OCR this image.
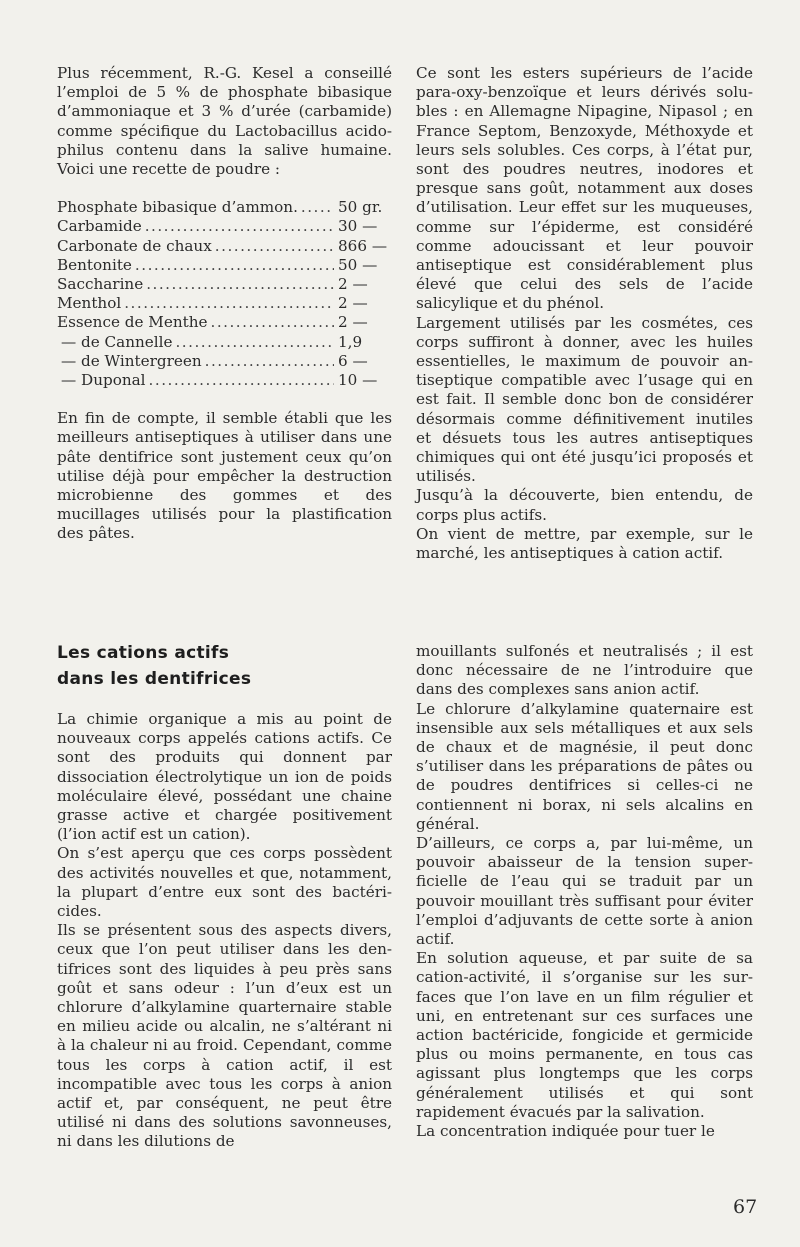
Plus récemment, R.-G. Kesel a conseillé l’emploi de 5 % de phosphate bibasique d’ammoniaque et 3 % d’urée (carbamide) comme spécifique du Lactobacillus acidophilus contenu dans la salive humaine. Voici une recette de poudre :

Phosphate bibasique d’ammon. .....	50 gr.
Carbamide .....	30 —
Carbonate de chaux .....	866 —
Bentonite .....	50 —
Saccharine .....	2 —
Menthol .....	2 —
Essence de Menthe .....	2 —
— de Cannelle .....	1,9
— de Wintergreen .....	6 —
— Duponal .....	10 —

En fin de compte, il semble établi que les meilleurs antiseptiques à utiliser dans une pâte dentifrice sont justement ceux qu’on utilise déjà pour empêcher la destruction microbienne des gommes et des mucillages utilisés pour la plastification des pâtes.

Ce sont les esters supérieurs de l’acide para-oxy-benzoïque et leurs dérivés solubles : en Allemagne Nipagine, Nipasol ; en France Septom, Benzoxyde, Méthoxyde et leurs sels solubles. Ces corps, à l’état pur, sont des poudres neutres, inodores et presque sans goût, notamment aux doses d’utilisation. Leur effet sur les muqueuses, comme sur l’épiderme, est considéré comme adoucissant et leur pouvoir antiseptique est considérablement plus élevé que celui des sels de l’acide salicylique et du phénol.

Largement utilisés par les cosmétes, ces corps suffiront à donner, avec les huiles essentielles, le maximum de pouvoir antiseptique compatible avec l’usage qui en est fait. Il semble donc bon de considérer désormais comme définitivement inutiles et désuets tous les autres antiseptiques chimiques qui ont été jusqu’ici proposés et utilisés.

Jusqu’à la découverte, bien entendu, de corps plus actifs.

On vient de mettre, par exemple, sur le marché, les antiseptiques à cation actif.

Les cations actifs
dans les dentifrices

La chimie organique a mis au point de nouveaux corps appelés cations actifs. Ce sont des produits qui donnent par dissociation électrolytique un ion de poids moléculaire élevé, possédant une chaine grasse active et chargée positivement (l’ion actif est un cation).

On s’est aperçu que ces corps possèdent des activités nouvelles et que, notamment, la plupart d’entre eux sont des bactéricides.

Ils se présentent sous des aspects divers, ceux que l’on peut utiliser dans les dentifrices sont des liquides à peu près sans goût et sans odeur : l’un d’eux est un chlorure d’alkylamine quarternaire stable en milieu acide ou alcalin, ne s’altérant ni à la chaleur ni au froid. Cependant, comme tous les corps à cation actif, il est incompatible avec tous les corps à anion actif et, par conséquent, ne peut être utilisé ni dans des solutions savonneuses, ni dans les dilutions de

mouillants sulfonés et neutralisés ; il est donc nécessaire de ne l’introduire que dans des complexes sans anion actif.

Le chlorure d’alkylamine quaternaire est insensible aux sels métalliques et aux sels de chaux et de magnésie, il peut donc s’utiliser dans les préparations de pâtes ou de poudres dentifrices si celles-ci ne contiennent ni borax, ni sels alcalins en général.

D’ailleurs, ce corps a, par lui-même, un pouvoir abaisseur de la tension superficielle de l’eau qui se traduit par un pouvoir mouillant très suffisant pour éviter l’emploi d’adjuvants de cette sorte à anion actif.

En solution aqueuse, et par suite de sa cation-activité, il s’organise sur les surfaces que l’on lave en un film régulier et uni, en entretenant sur ces surfaces une action bactéricide, fongicide et germicide plus ou moins permanente, en tous cas agissant plus longtemps que les corps généralement utilisés et qui sont rapidement évacués par la salivation.

La concentration indiquée pour tuer le

67
